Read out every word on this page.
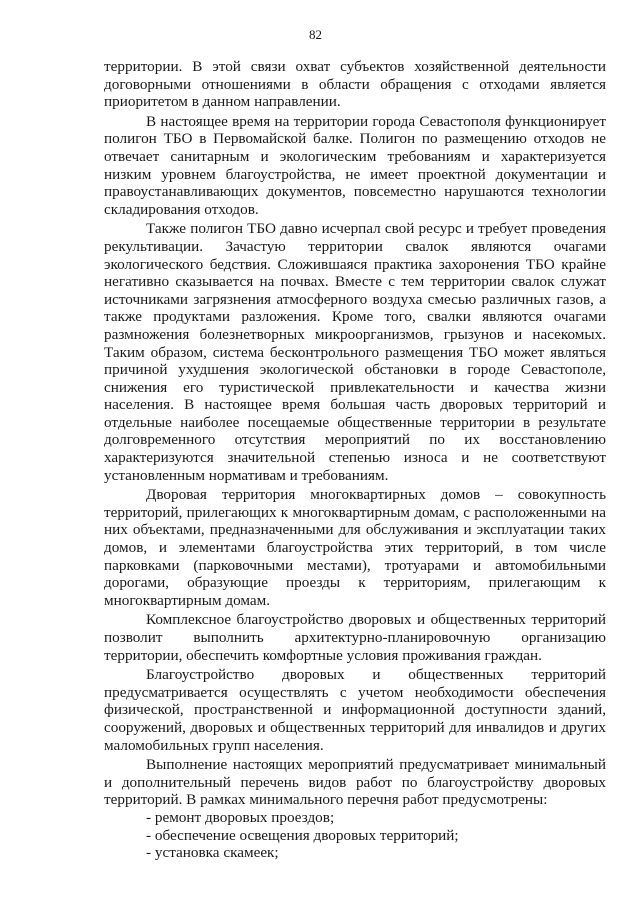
82

территории. В этой связи охват субъектов хозяйственной деятельности договорными отношениями в области обращения с отходами является приоритетом в данном направлении.

В настоящее время на территории города Севастополя функционирует полигон ТБО в Первомайской балке. Полигон по размещению отходов не отвечает санитарным и экологическим требованиям и характеризуется низким уровнем благоустройства, не имеет проектной документации и правоустанавливающих документов, повсеместно нарушаются технологии складирования отходов.

Также полигон ТБО давно исчерпал свой ресурс и требует проведения рекультивации. Зачастую территории свалок являются очагами экологического бедствия. Сложившаяся практика захоронения ТБО крайне негативно сказывается на почвах. Вместе с тем территории свалок служат источниками загрязнения атмосферного воздуха смесью различных газов, а также продуктами разложения. Кроме того, свалки являются очагами размножения болезнетворных микроорганизмов, грызунов и насекомых. Таким образом, система бесконтрольного размещения ТБО может являться причиной ухудшения экологической обстановки в городе Севастополе, снижения его туристической привлекательности и качества жизни населения. В настоящее время большая часть дворовых территорий и отдельные наиболее посещаемые общественные территории в результате долговременного отсутствия мероприятий по их восстановлению характеризуются значительной степенью износа и не соответствуют установленным нормативам и требованиям.

Дворовая территория многоквартирных домов – совокупность территорий, прилегающих к многоквартирным домам, с расположенными на них объектами, предназначенными для обслуживания и эксплуатации таких домов, и элементами благоустройства этих территорий, в том числе парковками (парковочными местами), тротуарами и автомобильными дорогами, образующие проезды к территориям, прилегающим к многоквартирным домам.

Комплексное благоустройство дворовых и общественных территорий позволит выполнить архитектурно-планировочную организацию территории, обеспечить комфортные условия проживания граждан.

Благоустройство дворовых и общественных территорий предусматривается осуществлять с учетом необходимости обеспечения физической, пространственной и информационной доступности зданий, сооружений, дворовых и общественных территорий для инвалидов и других маломобильных групп населения.

Выполнение настоящих мероприятий предусматривает минимальный и дополнительный перечень видов работ по благоустройству дворовых территорий. В рамках минимального перечня работ предусмотрены:

- ремонт дворовых проездов;
- обеспечение освещения дворовых территорий;
- установка скамеек;
